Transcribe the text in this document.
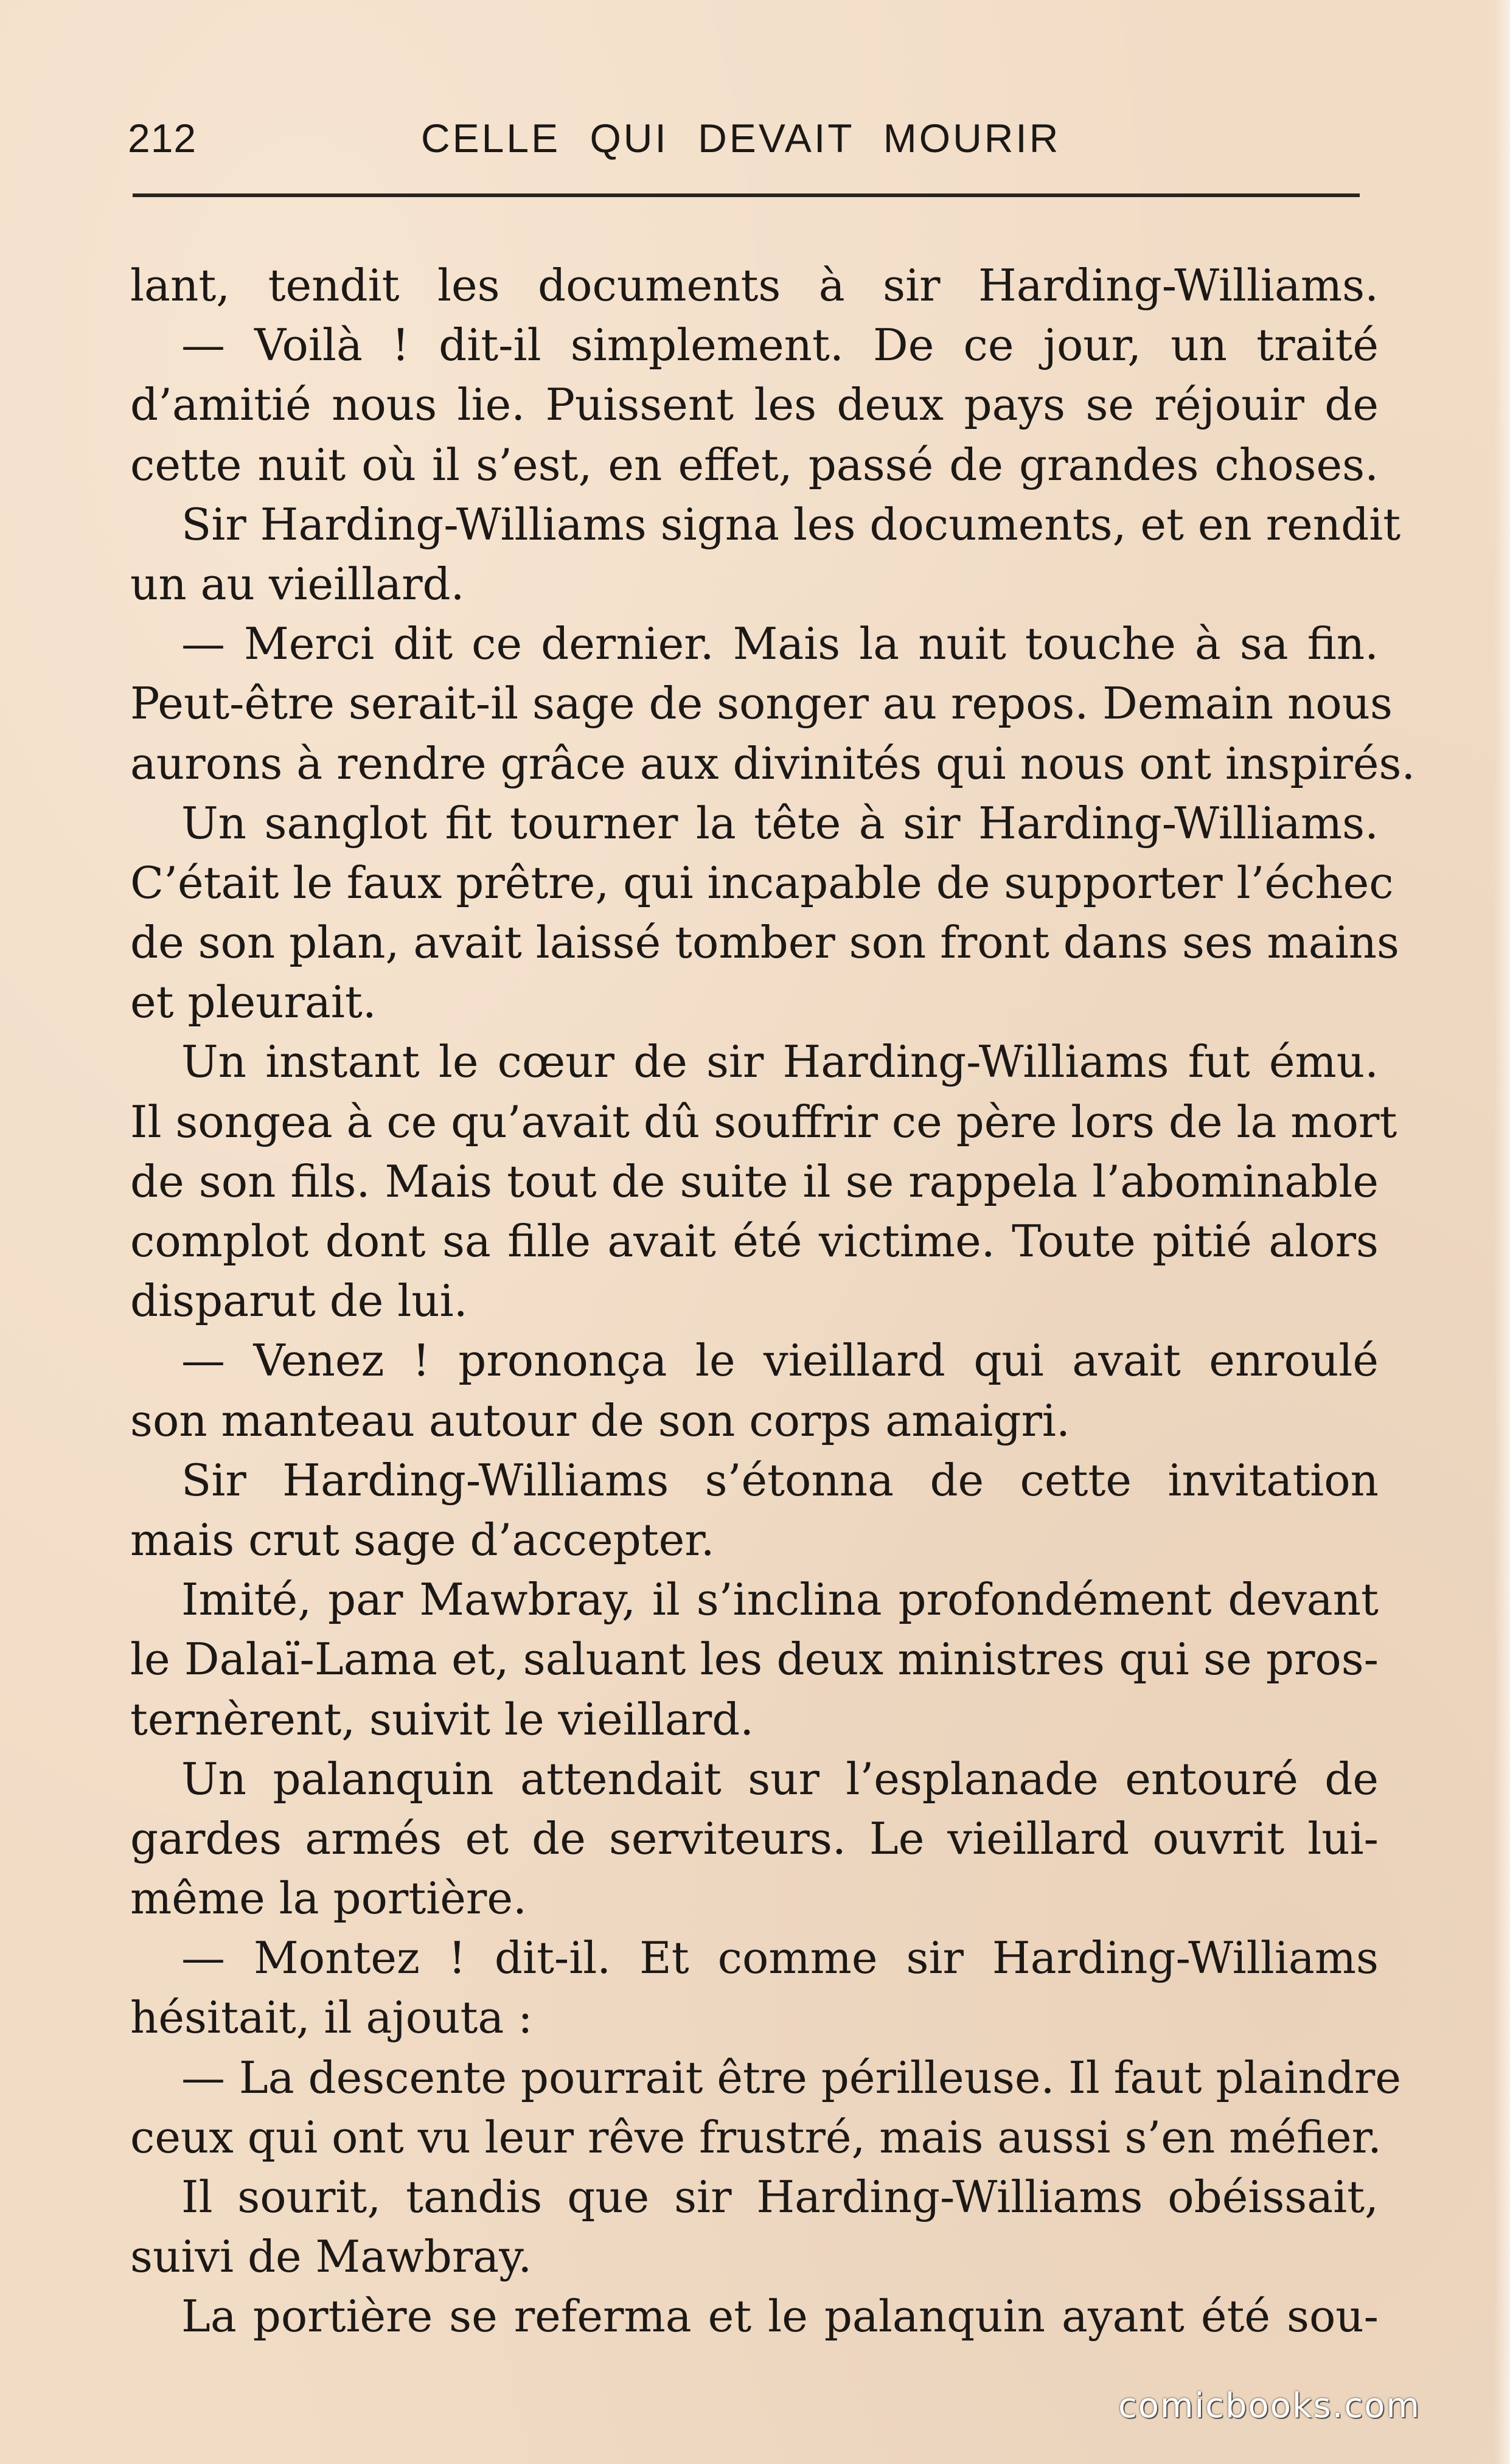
212	CELLE QUI DEVAIT MOURIR
lant, tendit les documents à sir Harding-Williams.
— Voilà ! dit-il simplement. De ce jour, un traité
d’amitié nous lie. Puissent les deux pays se réjouir de
cette nuit où il s’est, en effet, passé de grandes choses.
Sir Harding-Williams signa les documents, et en rendit
un au vieillard.
— Merci dit ce dernier. Mais la nuit touche à sa fin.
Peut-être serait-il sage de songer au repos. Demain nous
aurons à rendre grâce aux divinités qui nous ont inspirés.
Un sanglot fit tourner la tête à sir Harding-Williams.
C’était le faux prêtre, qui incapable de supporter l’échec
de son plan, avait laissé tomber son front dans ses mains
et pleurait.
Un instant le cœur de sir Harding-Williams fut ému.
Il songea à ce qu’avait dû souffrir ce père lors de la mort
de son fils. Mais tout de suite il se rappela l’abominable
complot dont sa fille avait été victime. Toute pitié alors
disparut de lui.
— Venez ! prononça le vieillard qui avait enroulé
son manteau autour de son corps amaigri.
Sir Harding-Williams s’étonna de cette invitation
mais crut sage d’accepter.
Imité, par Mawbray, il s’inclina profondément devant
le Dalaï-Lama et, saluant les deux ministres qui se pros-
ternèrent, suivit le vieillard.
Un palanquin attendait sur l’esplanade entouré de
gardes armés et de serviteurs. Le vieillard ouvrit lui-
même la portière.
— Montez ! dit-il. Et comme sir Harding-Williams
hésitait, il ajouta :
— La descente pourrait être périlleuse. Il faut plaindre
ceux qui ont vu leur rêve frustré, mais aussi s’en méfier.
Il sourit, tandis que sir Harding-Williams obéissait,
suivi de Mawbray.
La portière se referma et le palanquin ayant été sou-
comicbooks.com
